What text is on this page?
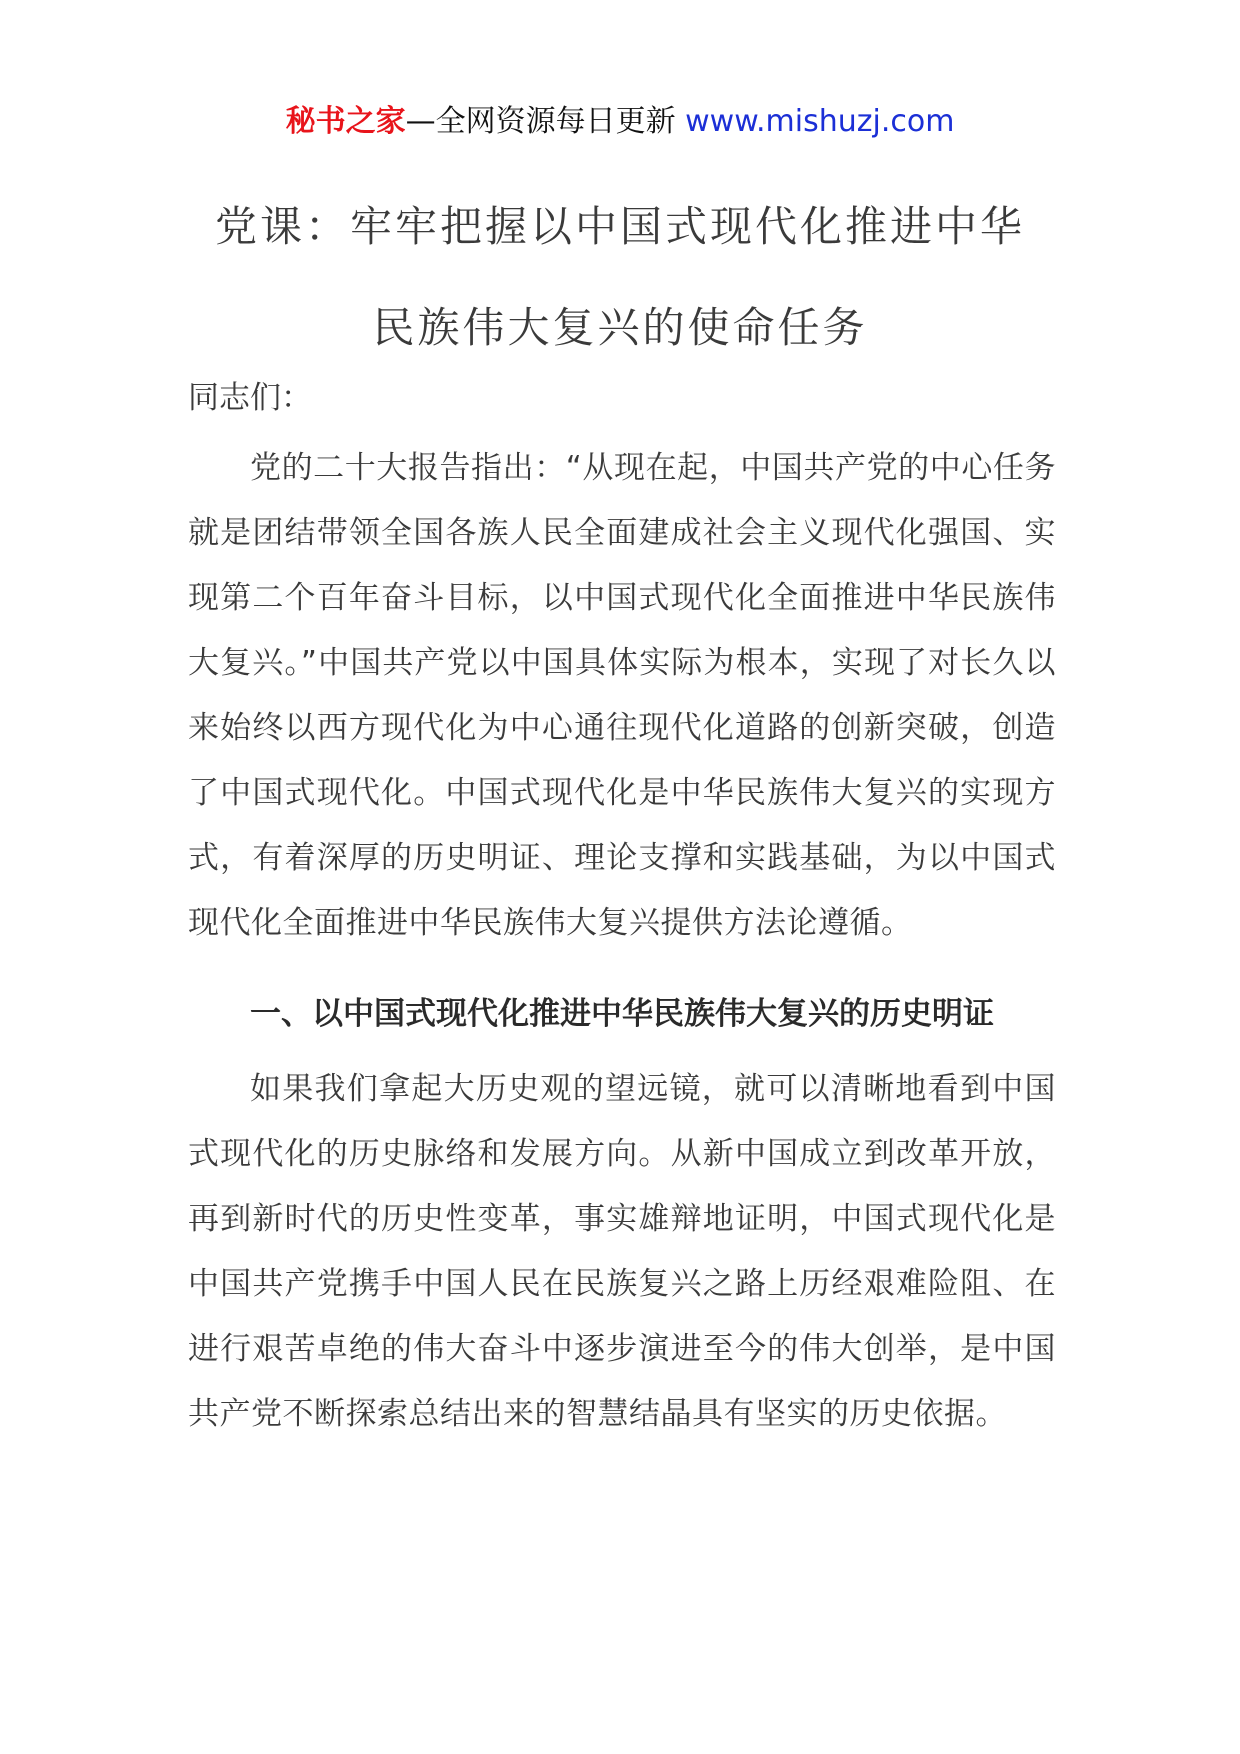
秘书之家—全网资源每日更新 www.mishuzj.com
党课：牢牢把握以中国式现代化推进中华
民族伟大复兴的使命任务

同志们：

党的二十大报告指出：“从现在起，中国共产党的中心任务就是团结带领全国各族人民全面建成社会主义现代化强国、实现第二个百年奋斗目标，以中国式现代化全面推进中华民族伟大复兴。”中国共产党以中国具体实际为根本，实现了对长久以来始终以西方现代化为中心通往现代化道路的创新突破，创造了中国式现代化。中国式现代化是中华民族伟大复兴的实现方式，有着深厚的历史明证、理论支撑和实践基础，为以中国式现代化全面推进中华民族伟大复兴提供方法论遵循。

一、以中国式现代化推进中华民族伟大复兴的历史明证

如果我们拿起大历史观的望远镜，就可以清晰地看到中国式现代化的历史脉络和发展方向。从新中国成立到改革开放，再到新时代的历史性变革，事实雄辩地证明，中国式现代化是中国共产党携手中国人民在民族复兴之路上历经艰难险阻、在进行艰苦卓绝的伟大奋斗中逐步演进至今的伟大创举，是中国共产党不断探索总结出来的智慧结晶具有坚实的历史依据。
